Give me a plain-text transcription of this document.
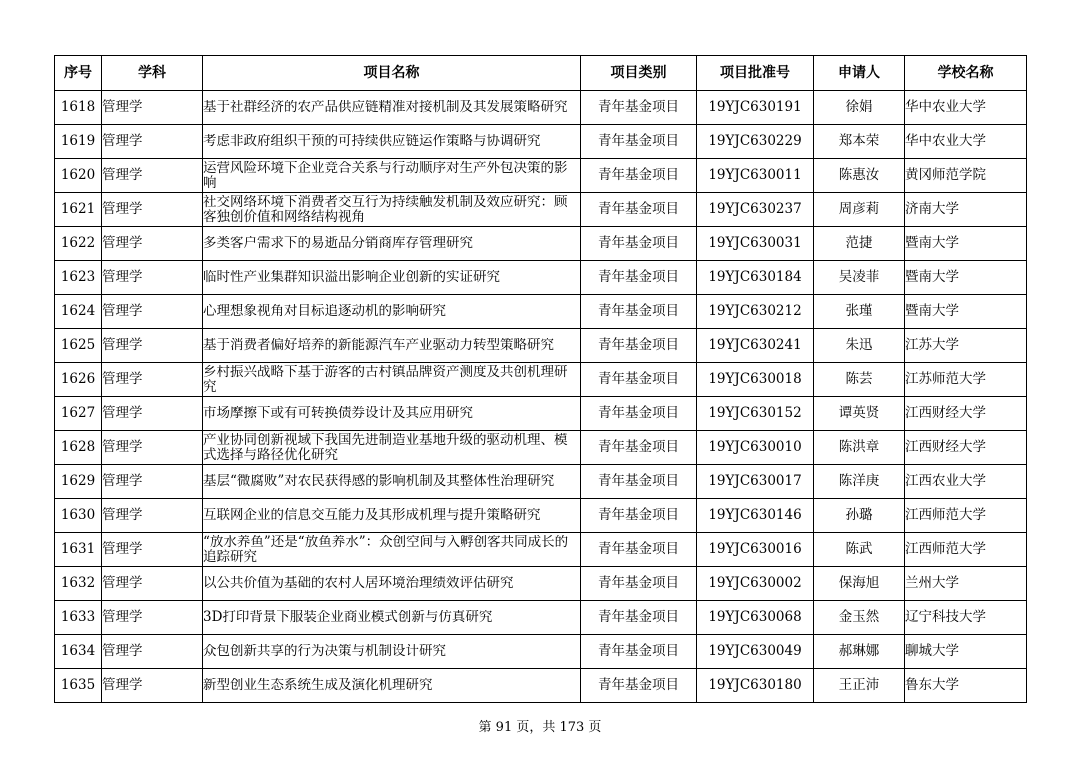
序号	学科	项目名称	项目类别	项目批准号	申请人	学校名称
1618	管理学	基于社群经济的农产品供应链精准对接机制及其发展策略研究	青年基金项目	19YJC630191	徐娟	华中农业大学
1619	管理学	考虑非政府组织干预的可持续供应链运作策略与协调研究	青年基金项目	19YJC630229	郑本荣	华中农业大学
1620	管理学	运营风险环境下企业竞合关系与行动顺序对生产外包决策的影响	青年基金项目	19YJC630011	陈惠汝	黄冈师范学院
1621	管理学	社交网络环境下消费者交互行为持续触发机制及效应研究：顾客独创价值和网络结构视角	青年基金项目	19YJC630237	周彦莉	济南大学
1622	管理学	多类客户需求下的易逝品分销商库存管理研究	青年基金项目	19YJC630031	范捷	暨南大学
1623	管理学	临时性产业集群知识溢出影响企业创新的实证研究	青年基金项目	19YJC630184	吴凌菲	暨南大学
1624	管理学	心理想象视角对目标追逐动机的影响研究	青年基金项目	19YJC630212	张瑾	暨南大学
1625	管理学	基于消费者偏好培养的新能源汽车产业驱动力转型策略研究	青年基金项目	19YJC630241	朱迅	江苏大学
1626	管理学	乡村振兴战略下基于游客的古村镇品牌资产测度及共创机理研究	青年基金项目	19YJC630018	陈芸	江苏师范大学
1627	管理学	市场摩擦下或有可转换债券设计及其应用研究	青年基金项目	19YJC630152	谭英贤	江西财经大学
1628	管理学	产业协同创新视域下我国先进制造业基地升级的驱动机理、模式选择与路径优化研究	青年基金项目	19YJC630010	陈洪章	江西财经大学
1629	管理学	基层“微腐败”对农民获得感的影响机制及其整体性治理研究	青年基金项目	19YJC630017	陈洋庚	江西农业大学
1630	管理学	互联网企业的信息交互能力及其形成机理与提升策略研究	青年基金项目	19YJC630146	孙璐	江西师范大学
1631	管理学	“放水养鱼”还是“放鱼养水”：众创空间与入孵创客共同成长的追踪研究	青年基金项目	19YJC630016	陈武	江西师范大学
1632	管理学	以公共价值为基础的农村人居环境治理绩效评估研究	青年基金项目	19YJC630002	保海旭	兰州大学
1633	管理学	3D打印背景下服装企业商业模式创新与仿真研究	青年基金项目	19YJC630068	金玉然	辽宁科技大学
1634	管理学	众包创新共享的行为决策与机制设计研究	青年基金项目	19YJC630049	郝琳娜	聊城大学
1635	管理学	新型创业生态系统生成及演化机理研究	青年基金项目	19YJC630180	王正沛	鲁东大学
第 91 页，共 173 页
